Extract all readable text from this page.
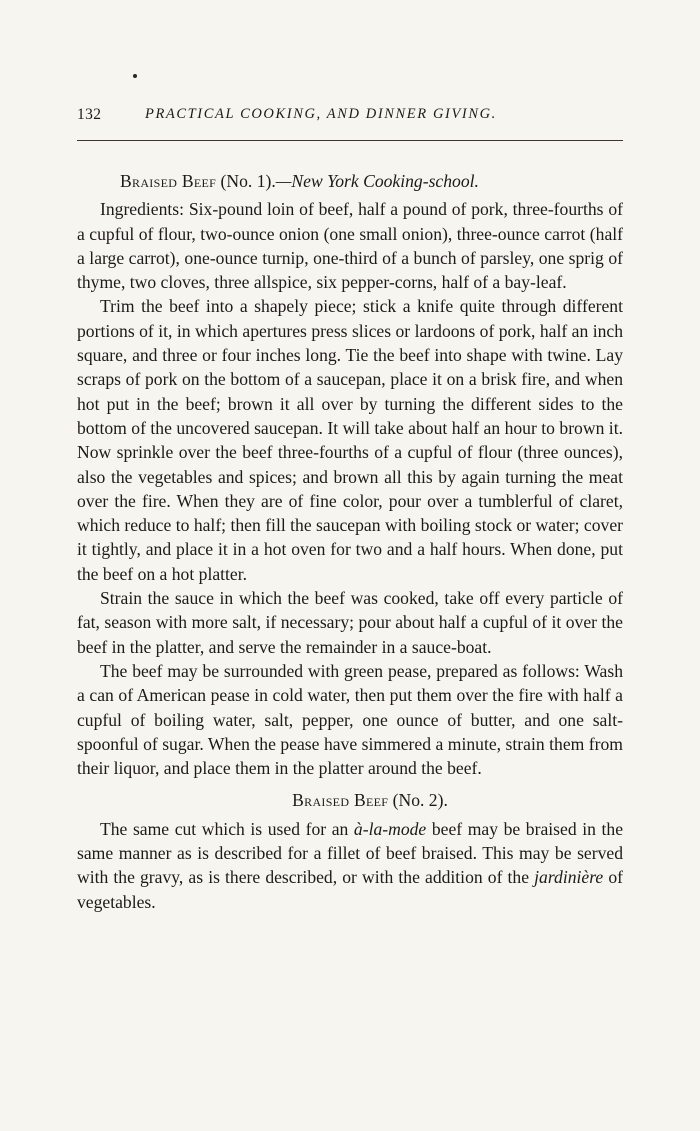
132	PRACTICAL COOKING, AND DINNER GIVING.

Braised Beef (No. 1).—New York Cooking-school.

Ingredients: Six-pound loin of beef, half a pound of pork, three-fourths of a cupful of flour, two-ounce onion (one small onion), three-ounce carrot (half a large carrot), one-ounce turnip, one-third of a bunch of parsley, one sprig of thyme, two cloves, three allspice, six pepper-corns, half of a bay-leaf.

Trim the beef into a shapely piece; stick a knife quite through different portions of it, in which apertures press slices or lardoons of pork, half an inch square, and three or four inches long. Tie the beef into shape with twine. Lay scraps of pork on the bottom of a saucepan, place it on a brisk fire, and when hot put in the beef; brown it all over by turning the different sides to the bottom of the uncovered saucepan. It will take about half an hour to brown it. Now sprinkle over the beef three-fourths of a cupful of flour (three ounces), also the vegetables and spices; and brown all this by again turning the meat over the fire. When they are of fine color, pour over a tumblerful of claret, which reduce to half; then fill the saucepan with boiling stock or water; cover it tightly, and place it in a hot oven for two and a half hours. When done, put the beef on a hot platter.

Strain the sauce in which the beef was cooked, take off every particle of fat, season with more salt, if necessary; pour about half a cupful of it over the beef in the platter, and serve the remainder in a sauce-boat.

The beef may be surrounded with green pease, prepared as follows: Wash a can of American pease in cold water, then put them over the fire with half a cupful of boiling water, salt, pepper, one ounce of butter, and one salt-spoonful of sugar. When the pease have simmered a minute, strain them from their liquor, and place them in the platter around the beef.

Braised Beef (No. 2).

The same cut which is used for an à-la-mode beef may be braised in the same manner as is described for a fillet of beef braised. This may be served with the gravy, as is there described, or with the addition of the jardinière of vegetables.
